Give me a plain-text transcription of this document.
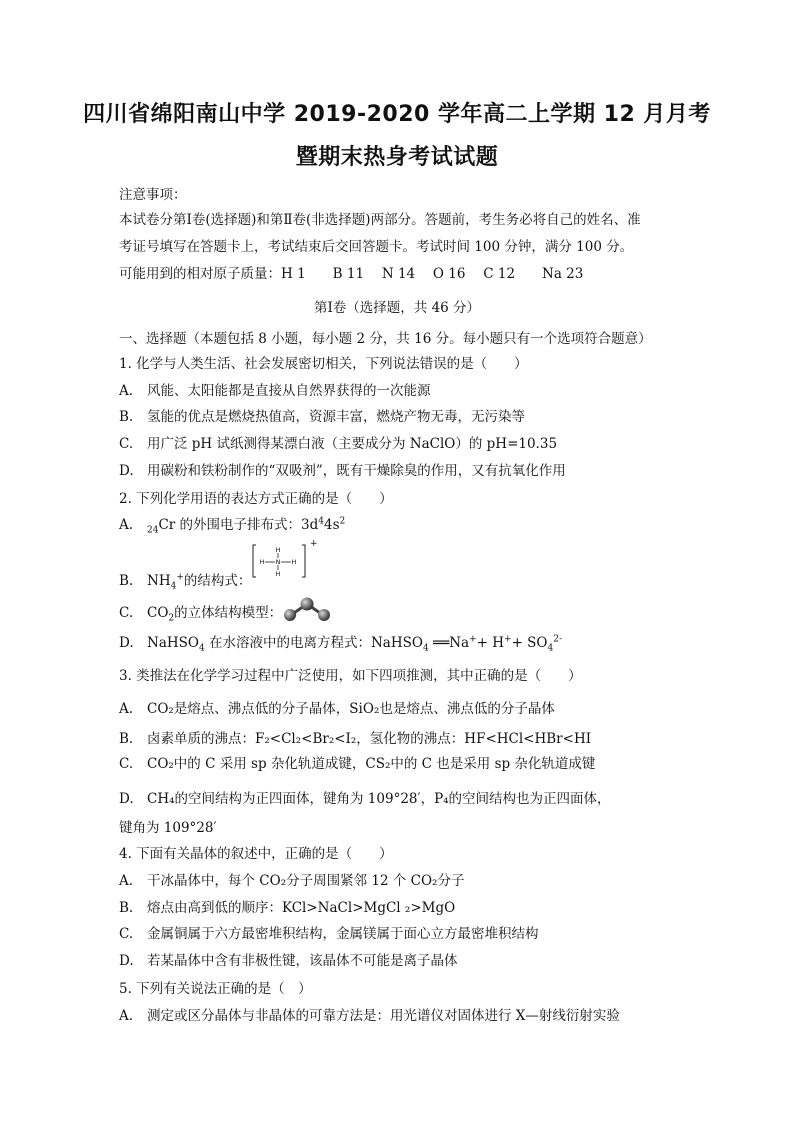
四川省绵阳南山中学 2019-2020 学年高二上学期 12 月月考
暨期末热身考试试题
注意事项：
本试卷分第Ⅰ卷(选择题)和第Ⅱ卷(非选择题)两部分。答题前，考生务必将自己的姓名、准
考证号填写在答题卡上，考试结束后交回答题卡。考试时间 100 分钟，满分 100 分。
可能用到的相对原子质量：H 1　　B 11　 N 14　 O 16　 C 12　　Na 23
第Ⅰ卷（选择题，共 46 分）
一、选择题（本题包括 8 小题，每小题 2 分，共 16 分。每小题只有一个选项符合题意）
1. 化学与人类生活、社会发展密切相关，下列说法错误的是（　　）
A. 风能、太阳能都是直接从自然界获得的一次能源
B. 氢能的优点是燃烧热值高，资源丰富，燃烧产物无毒，无污染等
C. 用广泛 pH 试纸测得某漂白液（主要成分为 NaClO）的 pH=10.35
D. 用碳粉和铁粉制作的“双吸剂”，既有干燥除臭的作用，又有抗氧化作用
2. 下列化学用语的表达方式正确的是（　　）
A. $_{24}$Cr 的外围电子排布式：$3d^44s^2$
H
H N H
H
+
B. $NH_4^+$的结构式：
C. $CO_2$的立体结构模型：
D. NaHSO$_4$ 在水溶液中的电离方程式：NaHSO$_4$ ══Na++ $H^++ SO_4^{2-}$
3. 类推法在化学学习过程中广泛使用，如下四项推测，其中正确的是（　　）
A. CO₂是熔点、沸点低的分子晶体，SiO₂也是熔点、沸点低的分子晶体
B. 卤素单质的沸点：F₂<Cl₂<Br₂<I₂，氢化物的沸点：HF<HCl<HBr<HI
C. CO₂中的 C 采用 sp 杂化轨道成键，CS₂中的 C 也是采用 sp 杂化轨道成键
D. CH₄的空间结构为正四面体，键角为 109°28′，P₄的空间结构也为正四面体，
键角为 109°28′
4. 下面有关晶体的叙述中，正确的是（　　）
A. 干冰晶体中，每个 CO₂分子周围紧邻 12 个 CO₂分子
B. 熔点由高到低的顺序：KCl>NaCl>MgCl ₂>MgO
C. 金属铜属于六方最密堆积结构，金属镁属于面心立方最密堆积结构
D. 若某晶体中含有非极性键，该晶体不可能是离子晶体
5. 下列有关说法正确的是（　）
A. 测定或区分晶体与非晶体的可靠方法是：用光谱仪对固体进行 X—射线衍射实验
